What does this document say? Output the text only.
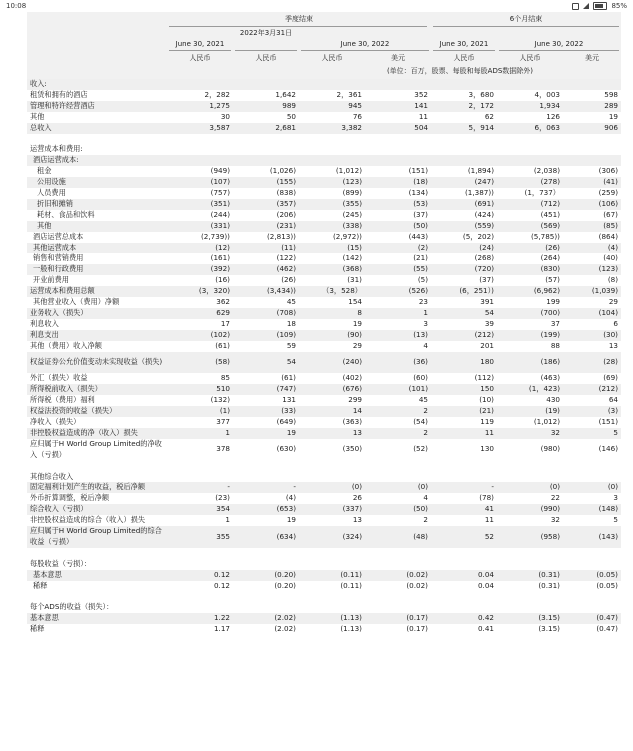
10:08	85%
季度结束	6个月结束
June 30, 2021
2022年3月31日
June 30, 2022	June 30, 2021	June 30, 2022
人民币	人民币	人民币	美元	人民币	人民币	美元
(单位：百万，股票、每股和每股ADS数据除外)
收入:							
租赁和拥有的酒店	2，282	1,642	2，361	352	3，680	4，003	598
管理和特许经营酒店	1,275	989	945	141	2，172	1,934	289
其他	30	50	76	11	62	126	19
总收入	3,587	2,681	3,382	504	5，914	6，063	906

运营成本和费用:							
酒店运营成本:							
租金	(949)	(1,026)	(1,012)	(151)	(1,894)	(2,038)	(306)
公用设施	(107)	(155)	(123)	(18)	(247)	(278)	(41)
人员费用	(757)	(838)	(899)	(134)	(1,387))	(1，737）	(259)
折旧和摊销	(351)	(357)	(355)	(53)	(691)	(712)	(106)
耗材、食品和饮料	(244)	(206)	(245)	(37)	(424)	(451)	(67)
其他	(331)	(231)	(338)	(50)	(559)	(569)	(85)
酒店运营总成本	(2,739))	(2,813))	(2,972))	(443)	(5，202)	(5,785))	(864)
其他运营成本	(12)	(11)	(15)	(2)	(24)	(26)	(4)
销售和营销费用	(161)	(122)	(142)	(21)	(268)	(264)	(40)
一般和行政费用	(392)	(462)	(368)	(55)	(720)	(830)	(123)
开业前费用	(16)	(26)	(31)	(5)	(37)	(57)	(8)
运营成本和费用总额	(3，320)	(3,434))	（3，528）	(526)	(6，251）)	(6,962)	(1,039)
其他营业收入（费用）净额	362	45	154	23	391	199	29
业务收入（损失）	629	(708)	8	1	54	(700)	(104)
利息收入	17	18	19	3	39	37	6
利息支出	(102)	(109)	(90)	(13)	(212)	(199)	(30)
其他（费用）收入净额	(61)	59	29	4	201	88	13
权益证券公允价值变动未实现收益（损失)	(58)	54	(240)	(36)	180	(186)	(28)
外汇（损失）收益	85	(61)	(402)	(60)	(112)	(463)	(69)
所得税前收入（损失）	510	(747)	(676)	(101)	150	(1，423)	(212)
所得税（费用）福利	(132)	131	299	45	(10)	430	64
权益法投资的收益（损失）	(1)	(33)	14	2	(21)	(19)	(3)
净收入（损失）	377	(649)	(363)	(54)	119	(1,012)	(151)
非控股权益造成的净（收入）损失	1	19	13	2	11	32	5
应归属于H World Group Limited的净收入（亏损）	378	(630)	(350)	(52)	130	(980)	(146)

其他综合收入							
固定福利计划产生的收益，税后净额	-	-	(0)	(0)	-	(0)	(0)
外币折算调整，税后净额	(23)	(4)	26	4	(78)	22	3
综合收入（亏损）	354	(653)	(337)	(50)	41	(990)	(148)
非控股权益造成的综合（收入）损失	1	19	13	2	11	32	5
应归属于H World Group Limited的综合收益（亏损）	355	(634)	(324)	(48)	52	(958)	(143)

每股收益（亏损）：							
基本意思	0.12	(0.20)	(0.11)	(0.02)	0.04	(0.31)	(0.05)
稀释	0.12	(0.20)	(0.11)	(0.02)	0.04	(0.31)	(0.05)

每个ADS的收益（损失）：							
基本意思	1.22	(2.02)	(1.13)	(0.17)	0.42	(3.15)	(0.47)
稀释	1.17	(2.02)	(1.13)	(0.17)	0.41	(3.15)	(0.47)
